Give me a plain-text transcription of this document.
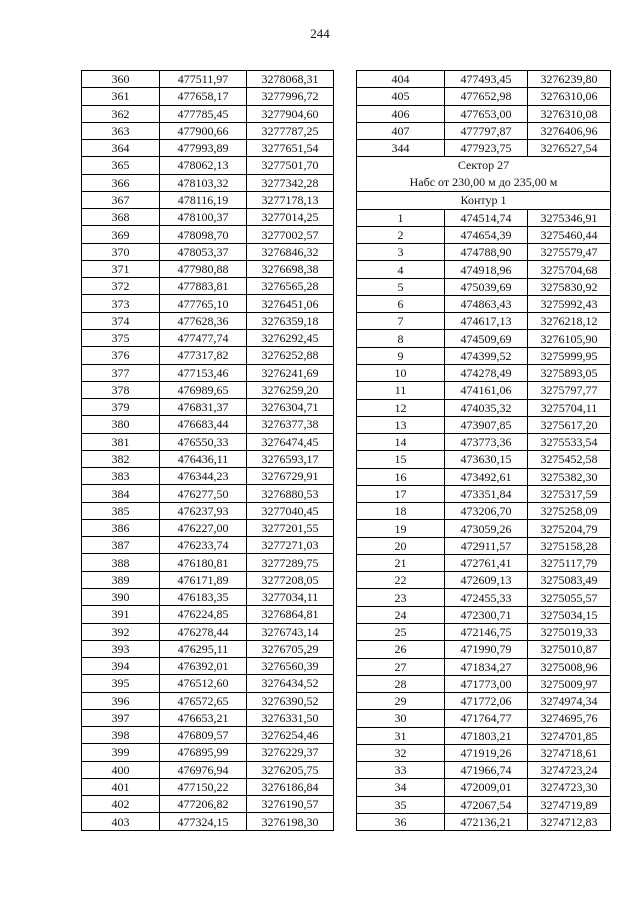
244
360	477511,97	3278068,31
361	477658,17	3277996,72
362	477785,45	3277904,60
363	477900,66	3277787,25
364	477993,89	3277651,54
365	478062,13	3277501,70
366	478103,32	3277342,28
367	478116,19	3277178,13
368	478100,37	3277014,25
369	478098,70	3277002,57
370	478053,37	3276846,32
371	477980,88	3276698,38
372	477883,81	3276565,28
373	477765,10	3276451,06
374	477628,36	3276359,18
375	477477,74	3276292,45
376	477317,82	3276252,88
377	477153,46	3276241,69
378	476989,65	3276259,20
379	476831,37	3276304,71
380	476683,44	3276377,38
381	476550,33	3276474,45
382	476436,11	3276593,17
383	476344,23	3276729,91
384	476277,50	3276880,53
385	476237,93	3277040,45
386	476227,00	3277201,55
387	476233,74	3277271,03
388	476180,81	3277289,75
389	476171,89	3277208,05
390	476183,35	3277034,11
391	476224,85	3276864,81
392	476278,44	3276743,14
393	476295,11	3276705,29
394	476392,01	3276560,39
395	476512,60	3276434,52
396	476572,65	3276390,52
397	476653,21	3276331,50
398	476809,57	3276254,46
399	476895,99	3276229,37
400	476976,94	3276205,75
401	477150,22	3276186,84
402	477206,82	3276190,57
403	477324,15	3276198,30
404	477493,45	3276239,80
405	477652,98	3276310,06
406	477653,00	3276310,08
407	477797,87	3276406,96
344	477923,75	3276527,54
Сектор 27
Набс от 230,00 м до 235,00 м		
Контур 1		
1	474514,74	3275346,91
2	474654,39	3275460,44
3	474788,90	3275579,47
4	474918,96	3275704,68
5	475039,69	3275830,92
6	474863,43	3275992,43
7	474617,13	3276218,12
8	474509,69	3276105,90
9	474399,52	3275999,95
10	474278,49	3275893,05
11	474161,06	3275797,77
12	474035,32	3275704,11
13	473907,85	3275617,20
14	473773,36	3275533,54
15	473630,15	3275452,58
16	473492,61	3275382,30
17	473351,84	3275317,59
18	473206,70	3275258,09
19	473059,26	3275204,79
20	472911,57	3275158,28
21	472761,41	3275117,79
22	472609,13	3275083,49
23	472455,33	3275055,57
24	472300,71	3275034,15
25	472146,75	3275019,33
26	471990,79	3275010,87
27	471834,27	3275008,96
28	471773,00	3275009,97
29	471772,06	3274974,34
30	471764,77	3274695,76
31	471803,21	3274701,85
32	471919,26	3274718,61
33	471966,74	3274723,24
34	472009,01	3274723,30
35	472067,54	3274719,89
36	472136,21	3274712,83
